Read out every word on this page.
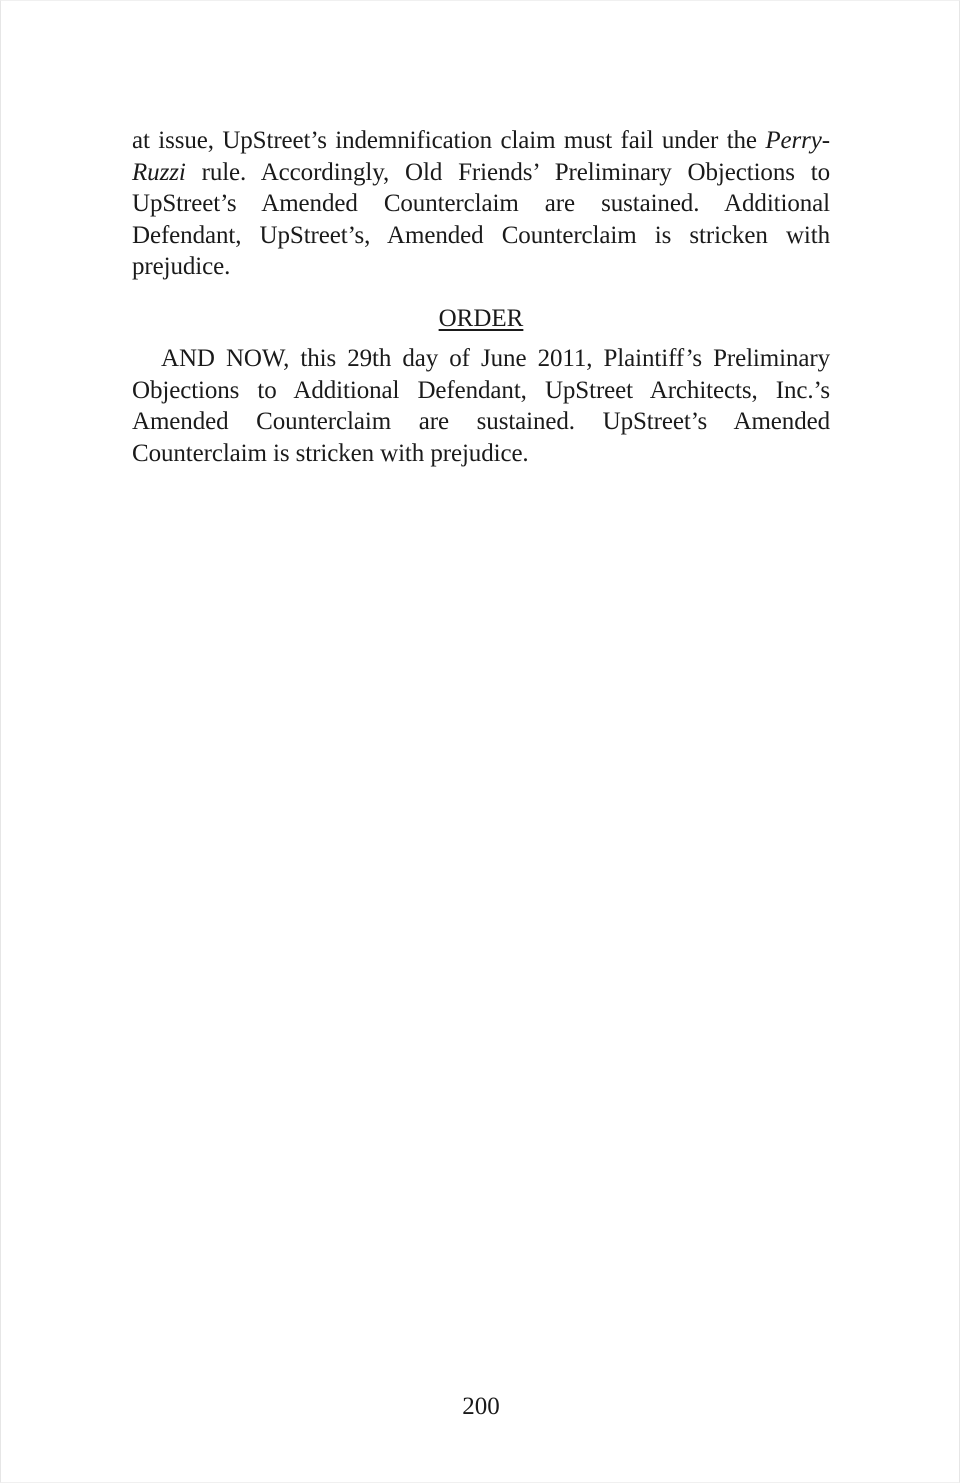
at issue, UpStreet’s indemnification claim must fail under the Perry-Ruzzi rule. Accordingly, Old Friends’ Preliminary Objections to UpStreet’s Amended Counterclaim are sustained. Additional Defendant, UpStreet’s, Amended Counterclaim is stricken with prejudice.

ORDER

AND NOW, this 29th day of June 2011, Plaintiff’s Preliminary Objections to Additional Defendant, UpStreet Architects, Inc.’s Amended Counterclaim are sustained. UpStreet’s Amended Counterclaim is stricken with prejudice.

200
